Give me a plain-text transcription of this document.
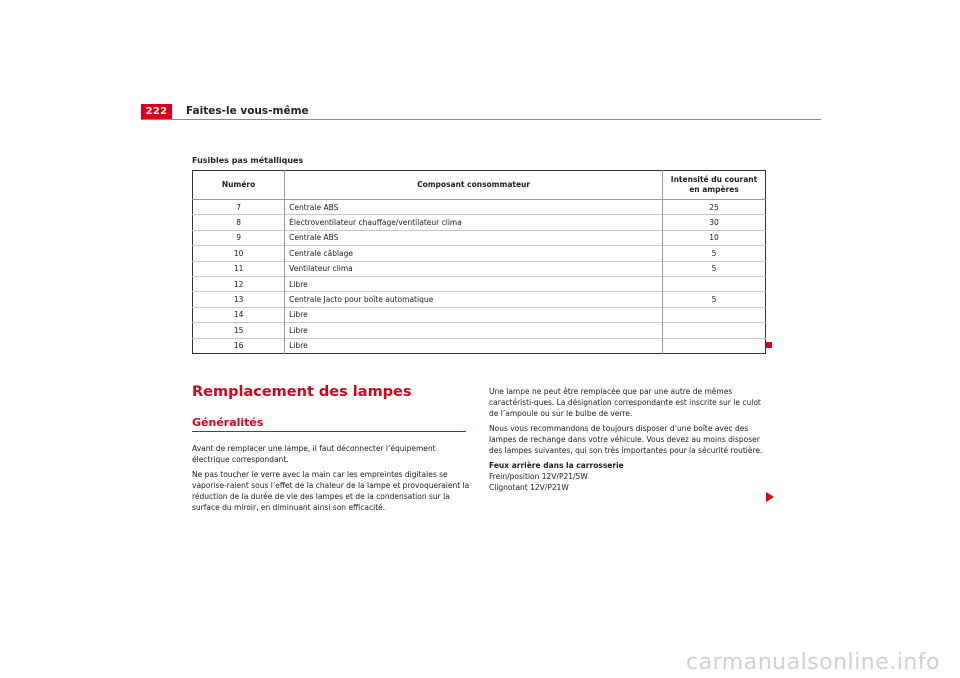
222	Faites-le vous-même
Fusibles pas métalliques
Numéro	Composant consommateur	Intensité du courant en ampères
7	Centrale ABS	25
8	Électroventilateur chauffage/ventilateur clima	30
9	Centrale ABS	10
10	Centrale câblage	5
11	Ventilateur clima	5
12	Libre	
13	Centrale Jacto pour boîte automatique	5
14	Libre	
15	Libre	
16	Libre	
Remplacement des lampes
Généralités

Avant de remplacer une lampe, il faut déconnecter l’équipement électrique correspondant.

Ne pas toucher le verre avec la main car les empreintes digitales se vaporise-raient sous l’effet de la chaleur de la lampe et provoqueraient la réduction de la durée de vie des lampes et de la condensation sur la surface du miroir, en diminuant ainsi son efficacité.

Une lampe ne peut être remplacée que par une autre de mêmes caractéristi-ques. La désignation correspondante est inscrite sur le culot de l’ampoule ou sur le bulbe de verre.

Nous vous recommandons de toujours disposer d’une boîte avec des lampes de rechange dans votre véhicule. Vous devez au moins disposer des lampes suivantes, qui son très importantes pour la sécurité routière.

Feux arrière dans la carrosserie
Frein/position 12V/P21/5W
Clignotant 12V/P21W
carmanualsonline.info
